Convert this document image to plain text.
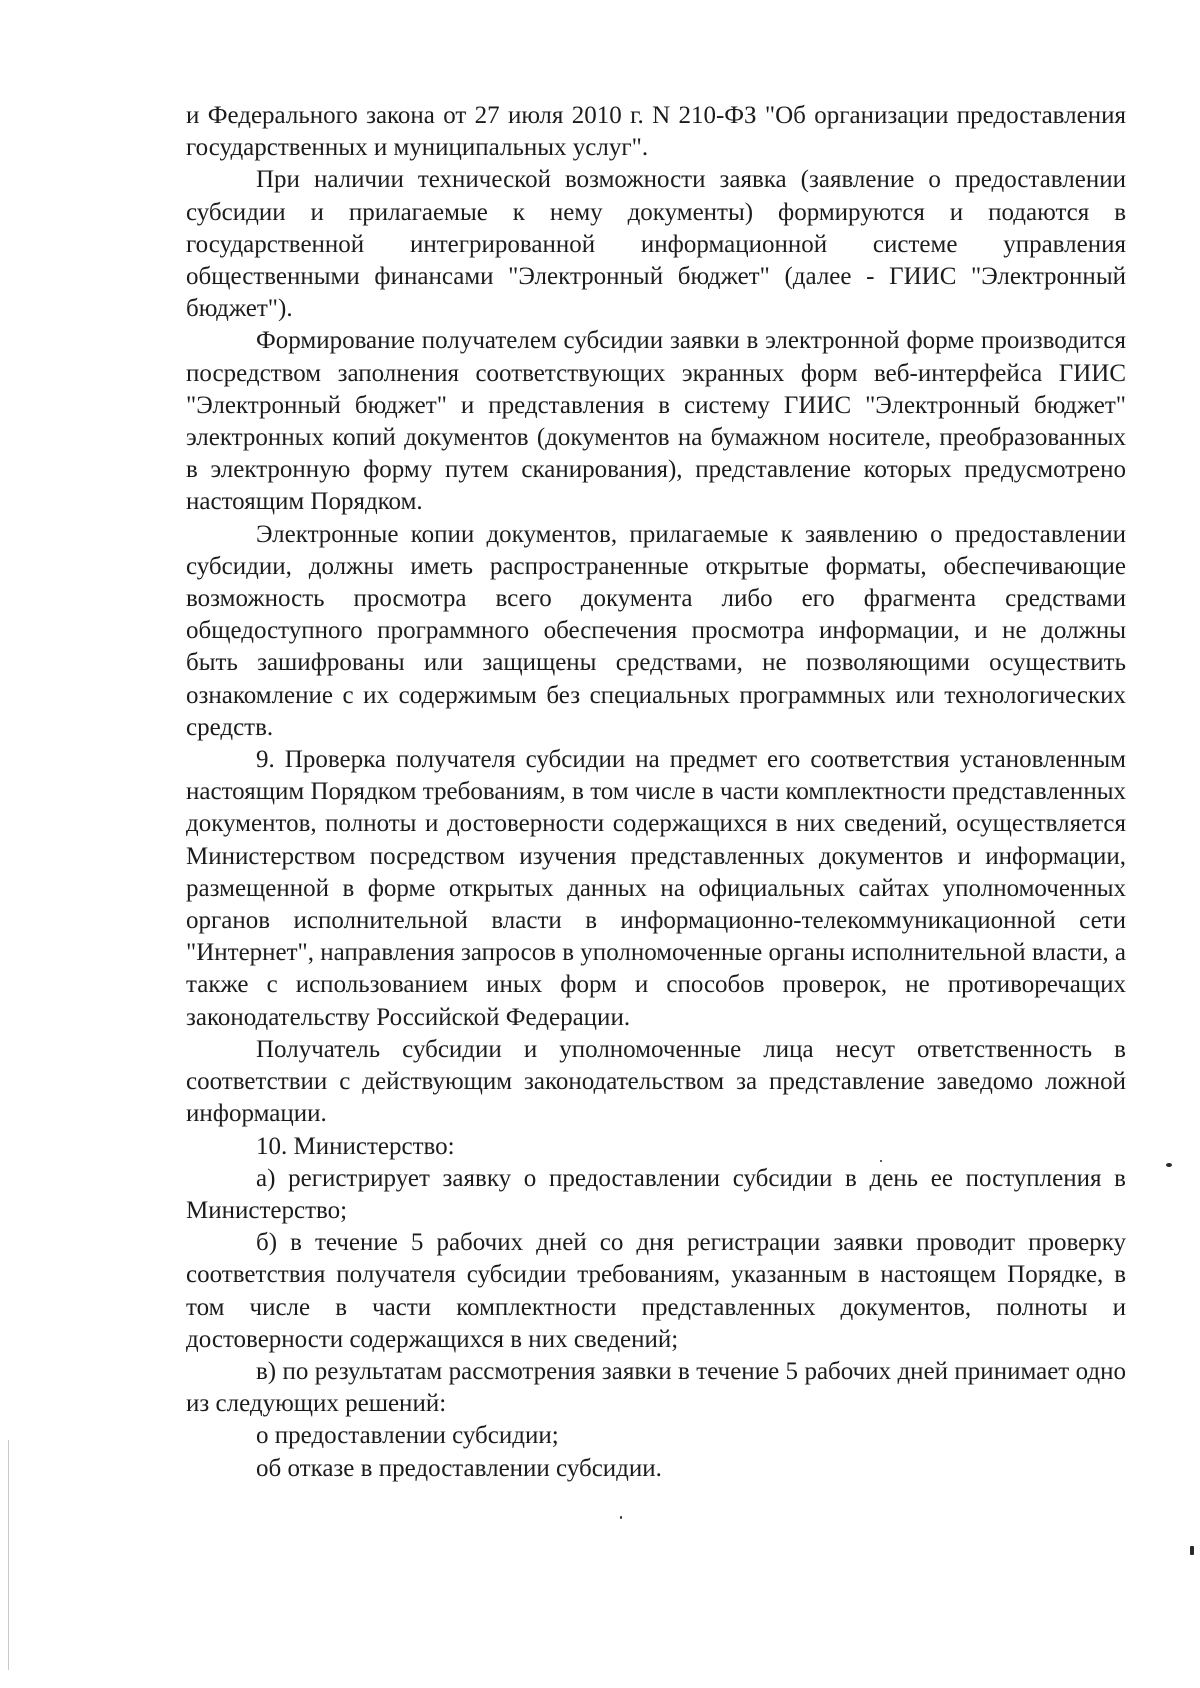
и Федерального закона от 27 июля 2010 г. N 210-ФЗ "Об организации предоставления государственных и муниципальных услуг".

При наличии технической возможности заявка (заявление о предоставлении субсидии и прилагаемые к нему документы) формируются и подаются в государственной интегрированной информационной системе управления общественными финансами "Электронный бюджет" (далее - ГИИС "Электронный бюджет").

Формирование получателем субсидии заявки в электронной форме производится посредством заполнения соответствующих экранных форм веб-интерфейса ГИИС "Электронный бюджет" и представления в систему ГИИС "Электронный бюджет" электронных копий документов (документов на бумажном носителе, преобразованных в электронную форму путем сканирования), представление которых предусмотрено настоящим Порядком.

Электронные копии документов, прилагаемые к заявлению о предоставлении субсидии, должны иметь распространенные открытые форматы, обеспечивающие возможность просмотра всего документа либо его фрагмента средствами общедоступного программного обеспечения просмотра информации, и не должны быть зашифрованы или защищены средствами, не позволяющими осуществить ознакомление с их содержимым без специальных программных или технологических средств.

9. Проверка получателя субсидии на предмет его соответствия установленным настоящим Порядком требованиям, в том числе в части комплектности представленных документов, полноты и достоверности содержащихся в них сведений, осуществляется Министерством посредством изучения представленных документов и информации, размещенной в форме открытых данных на официальных сайтах уполномоченных органов исполнительной власти в информационно-телекоммуникационной сети "Интернет", направления запросов в уполномоченные органы исполнительной власти, а также с использованием иных форм и способов проверок, не противоречащих законодательству Российской Федерации.

Получатель субсидии и уполномоченные лица несут ответственность в соответствии с действующим законодательством за представление заведомо ложной информации.

10. Министерство:

а) регистрирует заявку о предоставлении субсидии в день ее поступления в Министерство;

б) в течение 5 рабочих дней со дня регистрации заявки проводит проверку соответствия получателя субсидии требованиям, указанным в настоящем Порядке, в том числе в части комплектности представленных документов, полноты и достоверности содержащихся в них сведений;

в) по результатам рассмотрения заявки в течение 5 рабочих дней принимает одно из следующих решений:

о предоставлении субсидии;

об отказе в предоставлении субсидии.
